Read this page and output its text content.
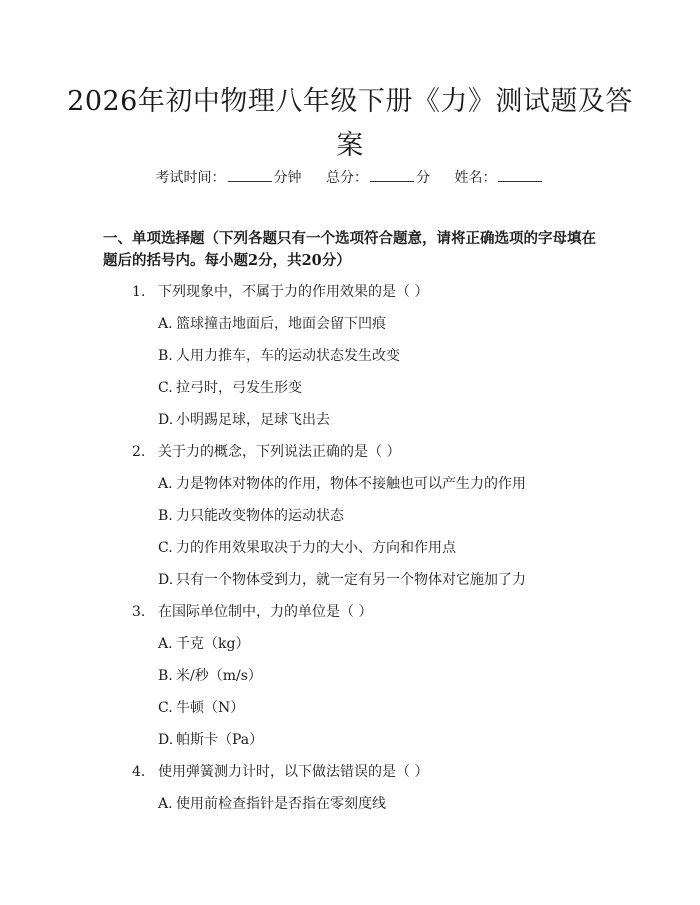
2026年初中物理八年级下册《力》测试题及答案
考试时间：	分钟 总分：	分 姓名：

一、单项选择题（下列各题只有一个选项符合题意，请将正确选项的字母填在题后的括号内。每小题2分，共20分）

1. 下列现象中，不属于力的作用效果的是（ ）
A. 篮球撞击地面后，地面会留下凹痕
B. 人用力推车，车的运动状态发生改变
C. 拉弓时，弓发生形变
D. 小明踢足球，足球飞出去
2. 关于力的概念，下列说法正确的是（ ）
A. 力是物体对物体的作用，物体不接触也可以产生力的作用
B. 力只能改变物体的运动状态
C. 力的作用效果取决于力的大小、方向和作用点
D. 只有一个物体受到力，就一定有另一个物体对它施加了力
3. 在国际单位制中，力的单位是（ ）
A. 千克（kg）
B. 米/秒（m/s）
C. 牛顿（N）
D. 帕斯卡（Pa）
4. 使用弹簧测力计时，以下做法错误的是（ ）
A. 使用前检查指针是否指在零刻度线
